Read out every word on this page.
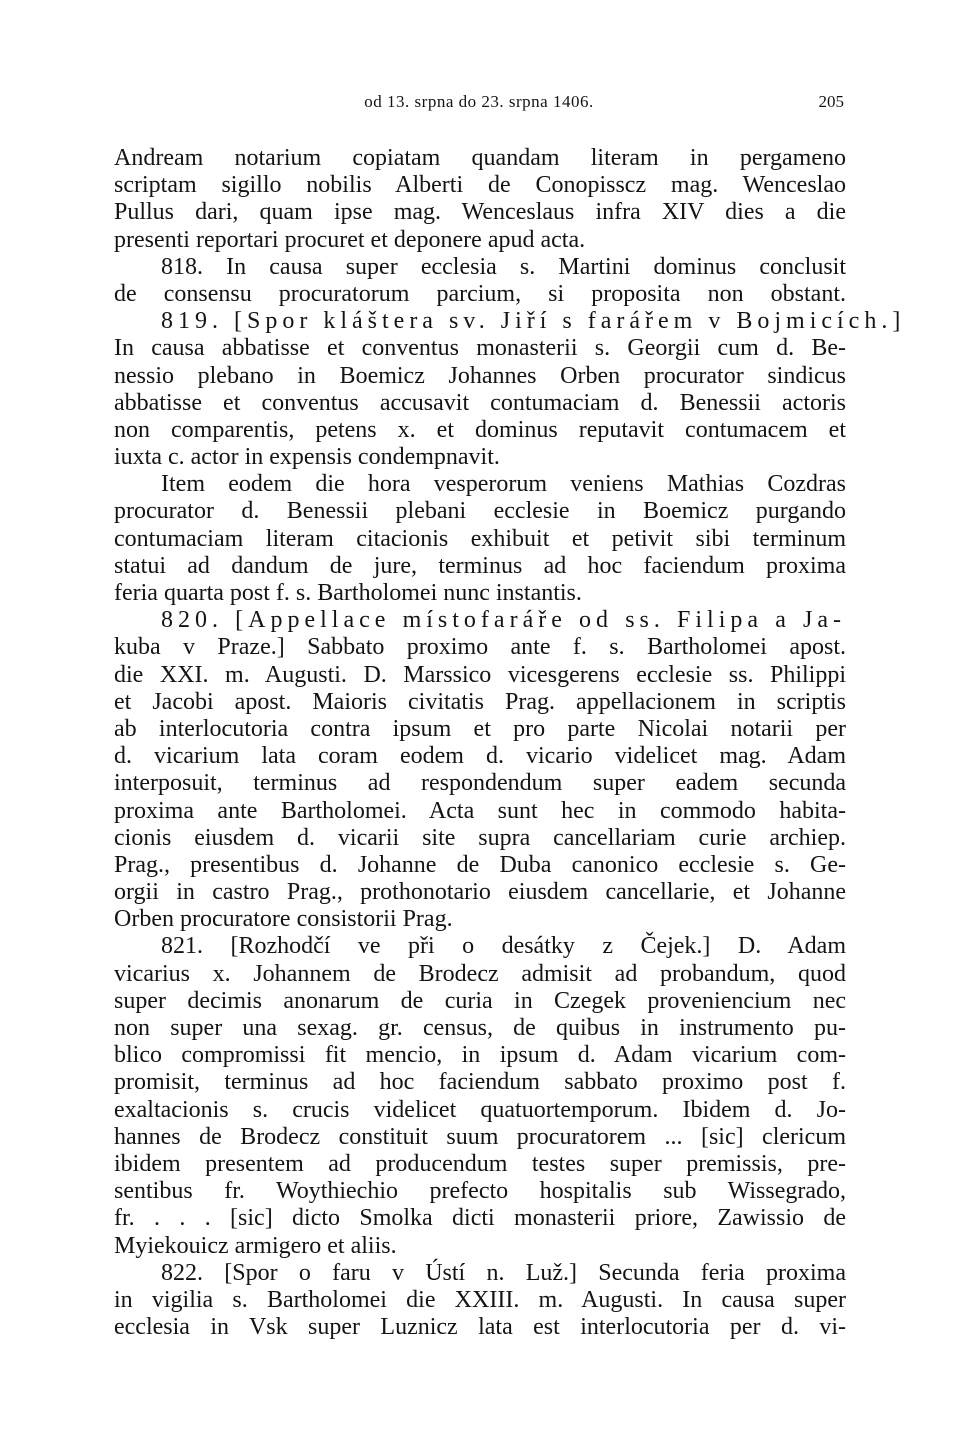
od 13. srpna do 23. srpna 1406.	205
Andream notarium copiatam quandam literam in pergameno
scriptam sigillo nobilis Alberti de Conopisscz mag. Wenceslao
Pullus dari, quam ipse mag. Wenceslaus infra XIV dies a die
presenti reportari procuret et deponere apud acta.
818. In causa super ecclesia s. Martini dominus conclusit
de consensu procuratorum parcium, si proposita non obstant.
819. [Spor kláštera sv. Jiří s farářem v Bojmicích.]
In causa abbatisse et conventus monasterii s. Georgii cum d. Be-
nessio plebano in Boemicz Johannes Orben procurator sindicus
abbatisse et conventus accusavit contumaciam d. Benessii actoris
non comparentis, petens x. et dominus reputavit contumacem et
iuxta c. actor in expensis condempnavit.
Item eodem die hora vesperorum veniens Mathias Cozdras
procurator d. Benessii plebani ecclesie in Boemicz purgando
contumaciam literam citacionis exhibuit et petivit sibi terminum
statui ad dandum de jure, terminus ad hoc faciendum proxima
feria quarta post f. s. Bartholomei nunc instantis.
820. [Appellace místofaráře od ss. Filipa a Ja-
kuba v Praze.] Sabbato proximo ante f. s. Bartholomei apost.
die XXI. m. Augusti. D. Marssico vicesgerens ecclesie ss. Philippi
et Jacobi apost. Maioris civitatis Prag. appellacionem in scriptis
ab interlocutoria contra ipsum et pro parte Nicolai notarii per
d. vicarium lata coram eodem d. vicario videlicet mag. Adam
interposuit, terminus ad respondendum super eadem secunda
proxima ante Bartholomei. Acta sunt hec in commodo habita-
cionis eiusdem d. vicarii site supra cancellariam curie archiep.
Prag., presentibus d. Johanne de Duba canonico ecclesie s. Ge-
orgii in castro Prag., prothonotario eiusdem cancellarie, et Johanne
Orben procuratore consistorii Prag.
821. [Rozhodčí ve při o desátky z Čejek.] D. Adam
vicarius x. Johannem de Brodecz admisit ad probandum, quod
super decimis anonarum de curia in Czegek proveniencium nec
non super una sexag. gr. census, de quibus in instrumento pu-
blico compromissi fit mencio, in ipsum d. Adam vicarium com-
promisit, terminus ad hoc faciendum sabbato proximo post f.
exaltacionis s. crucis videlicet quatuortemporum. Ibidem d. Jo-
hannes de Brodecz constituit suum procuratorem ... [sic] clericum
ibidem presentem ad producendum testes super premissis, pre-
sentibus fr. Woythiechio prefecto hospitalis sub Wissegrado,
fr. . . . [sic] dicto Smolka dicti monasterii priore, Zawissio de
Myiekouicz armigero et aliis.
822. [Spor o faru v Ústí n. Luž.] Secunda feria proxima
in vigilia s. Bartholomei die XXIII. m. Augusti. In causa super
ecclesia in Vsk super Luznicz lata est interlocutoria per d. vi-
